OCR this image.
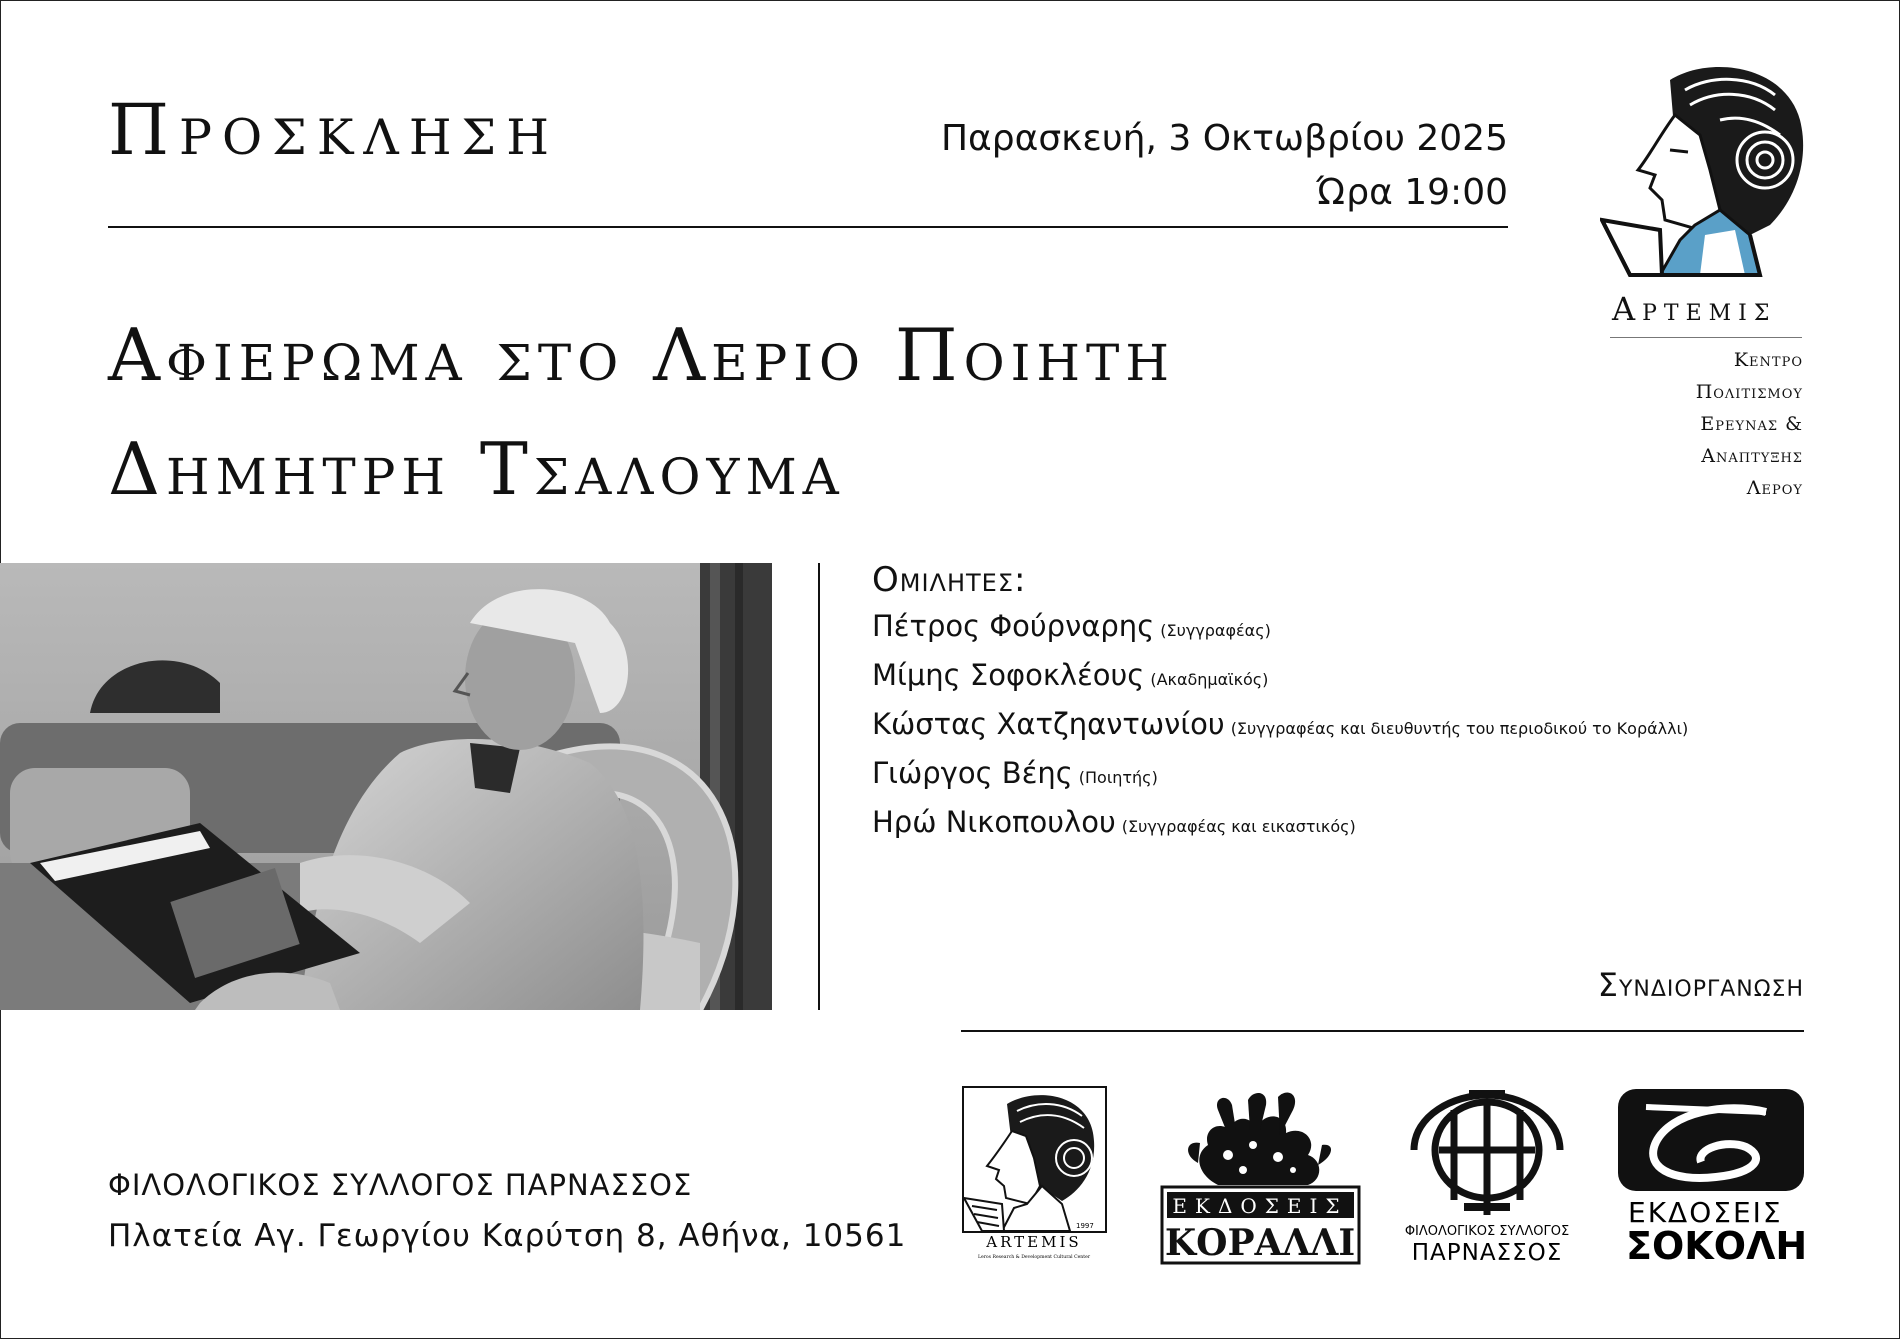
Προσκληση	Παρασκευή, 3 Οκτωβρίου 2025
Ώρα 19:00
Αφιερωμα στο Λεριο Ποιητη
Δημητρη Τσαλουμα
Αρτεμισ
Κεντρο
Πολιτισμου
Ερευνασ &
Αναπτυξησ
Λερου
Ομιλητεσ:
Πέτρος Φούρναρης (Συγγραφέας)
Μίμης Σοφοκλέους (Ακαδημαϊκός)
Κώστας Χατζηαντωνίου (Συγγραφέας και διευθυντής του περιοδικού το Κοράλλι)
Γιώργος Βέης (Ποιητής)
Ηρώ Νικοπουλου (Συγγραφέας και εικαστικός)
Συνδιοργανωση
1997
ARTEMIS
Leros Research & Development Cultural Center
ΕΚΔΟΣΕΙΣ
ΚΟΡΑΛΛΙ	ΦΙΛΟΛΟΓΙΚΟΣ ΣΥΛΛΟΓΟΣ
ΠΑΡΝΑΣΣΟΣ
ΕΚΔΟΣΕΙΣ
ΣΟΚΟΛΗ
ΦΙΛΟΛΟΓΙΚΟΣ ΣΥΛΛΟΓΟΣ ΠΑΡΝΑΣΣΟΣ
Πλατεία Αγ. Γεωργίου Καρύτση 8, Αθήνα, 10561
